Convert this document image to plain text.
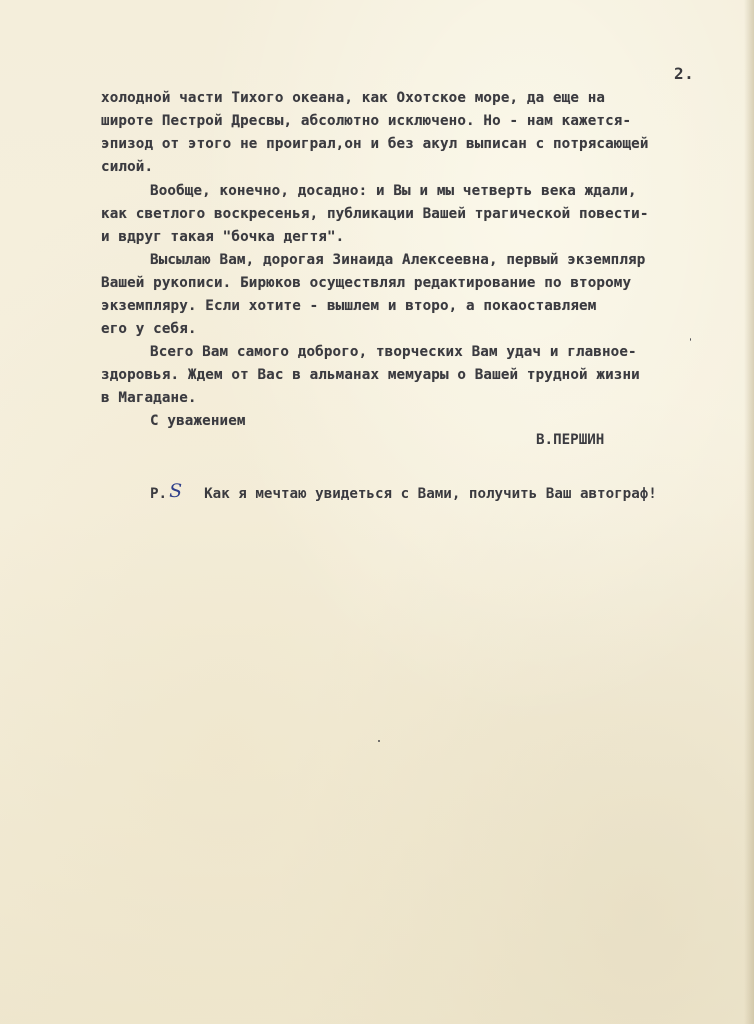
2.
холодной части Тихого океана, как Охотское море, да еще на
широте Пестрой Дресвы, абсолютно исключено. Но - нам кажется-
эпизод от этого не проиграл,он и без акул выписан с потрясающей
силой.
Вообще, конечно, досадно: и Вы и мы четверть века ждали,
как светлого воскресенья, публикации Вашей трагической повести-
и вдруг такая "бочка дегтя".
Высылаю Вам, дорогая Зинаида Алексеевна, первый экземпляр
Вашей рукописи. Бирюков осуществлял редактирование по второму
экземпляру. Если хотите - вышлем и второ, а покаоставляем
его у себя.
Всего Вам самого доброго, творческих Вам удач и главное-
здоровья. Ждем от Вас в альманах мемуары о Вашей трудной жизни
в Магадане.
С уважением
В.ПЕРШИН
P. S Как я мечтаю увидеться с Вами, получить Ваш автограф!
